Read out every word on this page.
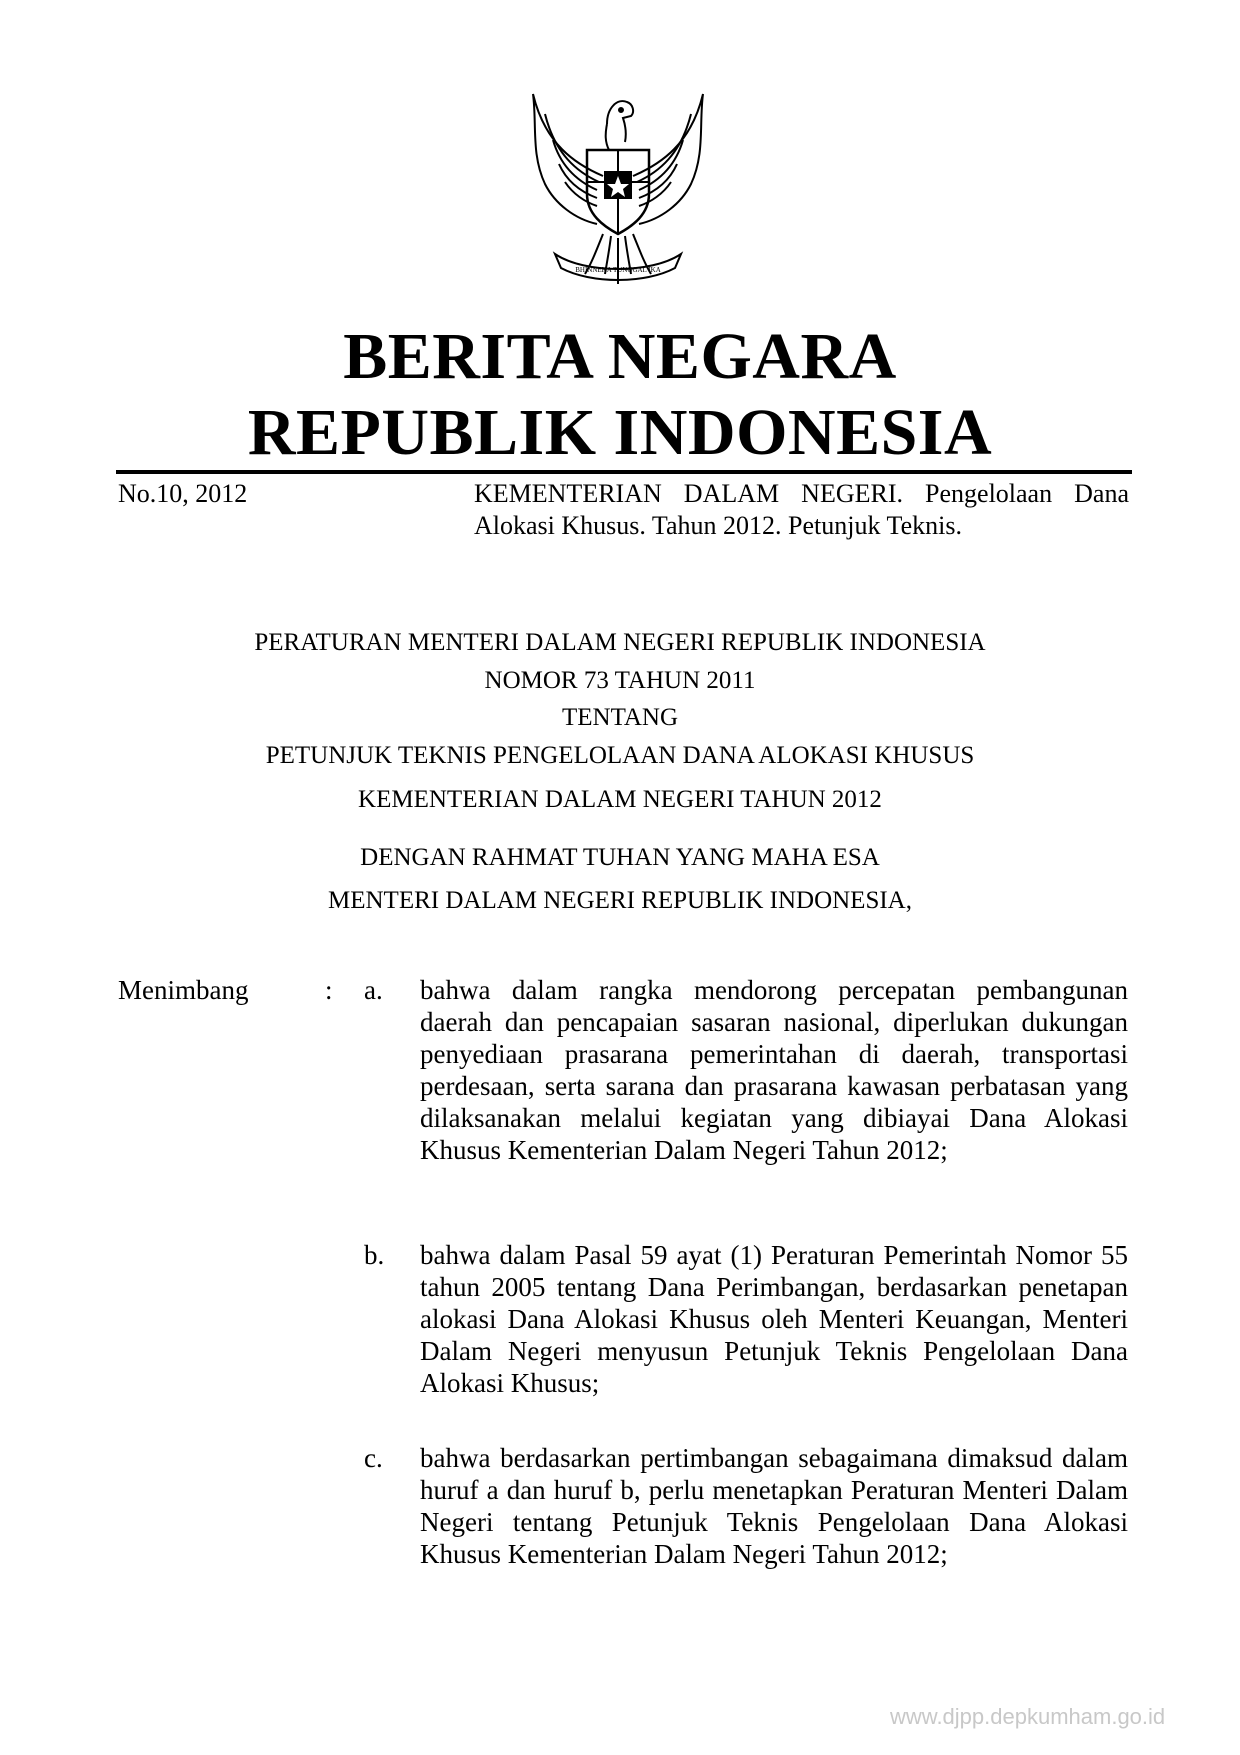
BHINNEKA TUNGGAL IKA
BERITA NEGARA
REPUBLIK INDONESIA
No.10, 2012	KEMENTERIAN DALAM NEGERI. Pengelolaan Dana Alokasi Khusus. Tahun 2012. Petunjuk Teknis.
PERATURAN MENTERI DALAM NEGERI REPUBLIK INDONESIA
NOMOR 73 TAHUN 2011
TENTANG
PETUNJUK TEKNIS PENGELOLAAN DANA ALOKASI KHUSUS
KEMENTERIAN DALAM NEGERI TAHUN 2012
DENGAN RAHMAT TUHAN YANG MAHA ESA
MENTERI DALAM NEGERI REPUBLIK INDONESIA,
Menimbang	: a. bahwa dalam rangka mendorong percepatan pembangunan daerah dan pencapaian sasaran nasional, diperlukan dukungan penyediaan prasarana pemerintahan di daerah, transportasi perdesaan, serta sarana dan prasarana kawasan perbatasan yang dilaksanakan melalui kegiatan yang dibiayai Dana Alokasi Khusus Kementerian Dalam Negeri Tahun 2012;
b. bahwa dalam Pasal 59 ayat (1) Peraturan Pemerintah Nomor 55 tahun 2005 tentang Dana Perimbangan, berdasarkan penetapan alokasi Dana Alokasi Khusus oleh Menteri Keuangan, Menteri Dalam Negeri menyusun Petunjuk Teknis Pengelolaan Dana Alokasi Khusus;
c. bahwa berdasarkan pertimbangan sebagaimana dimaksud dalam huruf a dan huruf b, perlu menetapkan Peraturan Menteri Dalam Negeri tentang Petunjuk Teknis Pengelolaan Dana Alokasi Khusus Kementerian Dalam Negeri Tahun 2012;
www.djpp.depkumham.go.id
